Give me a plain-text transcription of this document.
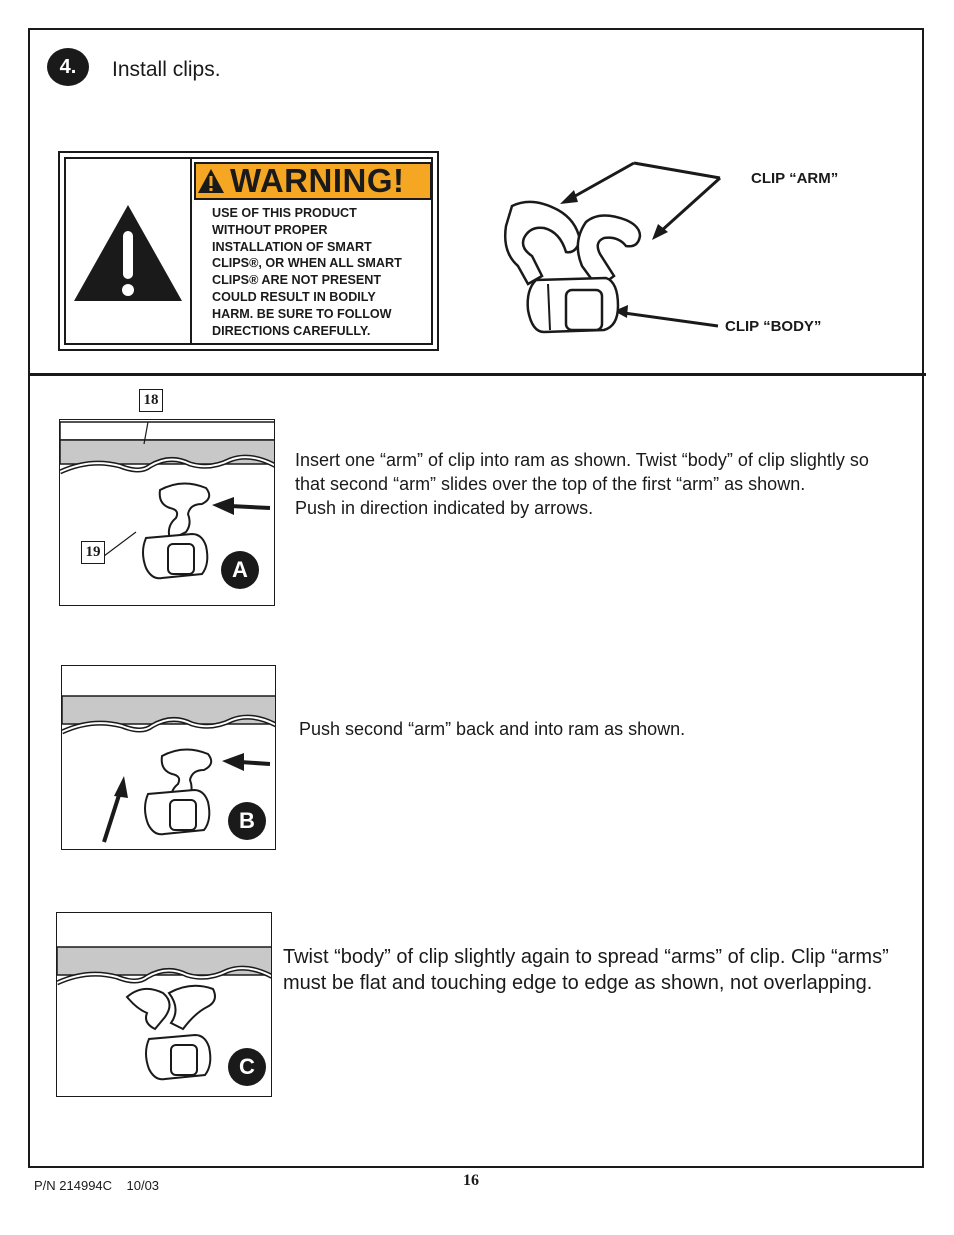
4.	Install clips.
WARNING!
USE OF THIS PRODUCT
WITHOUT PROPER
INSTALLATION OF SMART
CLIPS®, OR WHEN ALL SMART
CLIPS® ARE NOT PRESENT
COULD RESULT IN BODILY
HARM. BE SURE TO FOLLOW
DIRECTIONS CAREFULLY.
CLIP “ARM”
CLIP “BODY”
18
19
A
Insert one “arm” of clip into ram as shown. Twist “body” of clip slightly so that second “arm” slides over the top of the first “arm” as shown.
Push in direction indicated by arrows.
B
Push second “arm” back and into ram as shown.
C
Twist “body” of clip slightly again to spread “arms” of clip. Clip “arms” must be flat and touching edge to edge as shown, not overlapping.
P/N 214994C    10/03	16
